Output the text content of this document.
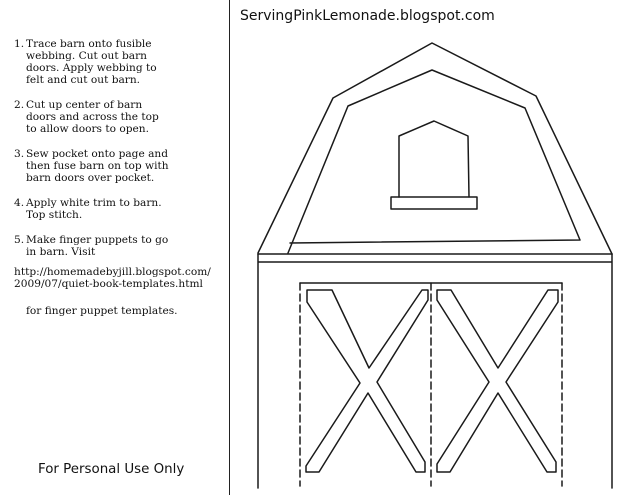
1. Trace barn onto fusible
webbing. Cut out barn
doors. Apply webbing to
felt and cut out barn.
2. Cut up center of barn
doors and across the top
to allow doors to open.
3. Sew pocket onto page and
then fuse barn on top with
barn doors over pocket.
4. Apply white trim to barn.
Top stitch.
5. Make finger puppets to go
in barn. Visit
http://homemadebyjill.blogspot.com/
2009/07/quiet-book-templates.html
for finger puppet templates.
For Personal Use Only
ServingPinkLemonade.blogspot.com
